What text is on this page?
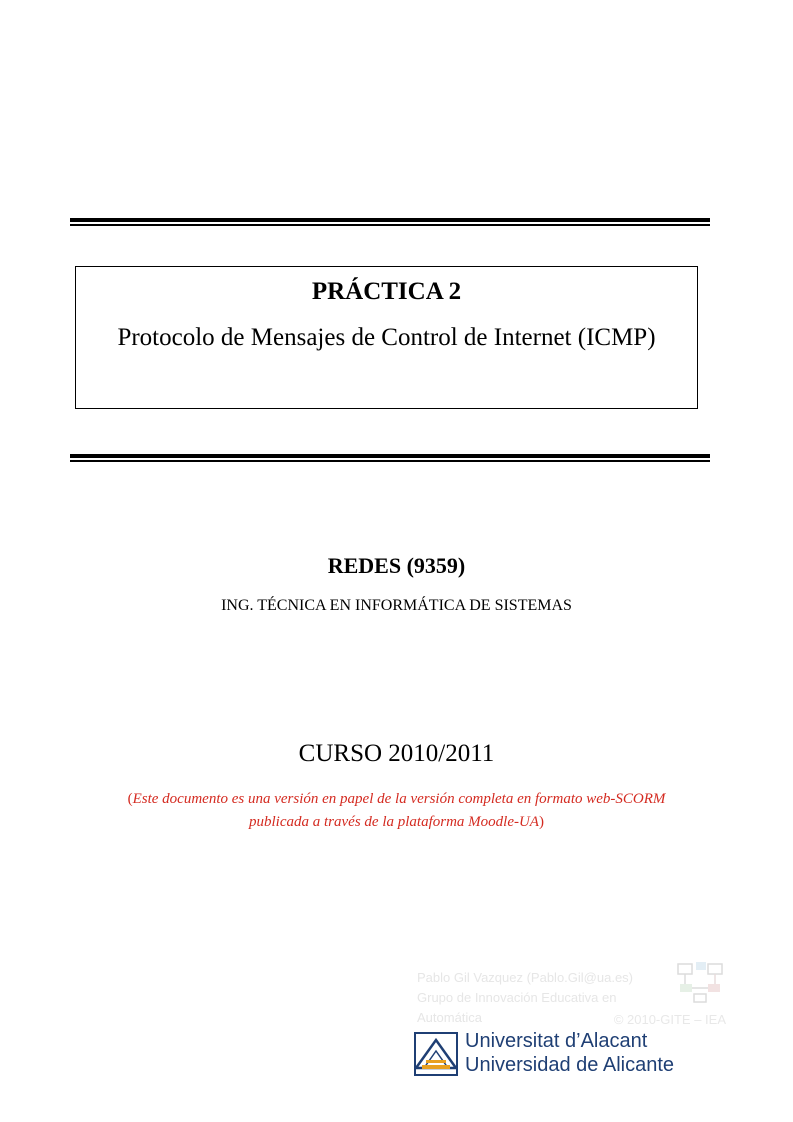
PRÁCTICA 2
Protocolo de Mensajes de Control de Internet (ICMP)
REDES (9359)
ING. TÉCNICA EN INFORMÁTICA DE SISTEMAS
CURSO 2010/2011
(Este documento es una versión en papel de la versión completa en formato web-SCORM
publicada a través de la plataforma Moodle-UA)
Pablo Gil Vazquez (Pablo.Gil@ua.es)
Grupo de Innovación Educativa en
Automática	© 2010-GITE – IEA
Universitat d’Alacant
Universidad de Alicante
